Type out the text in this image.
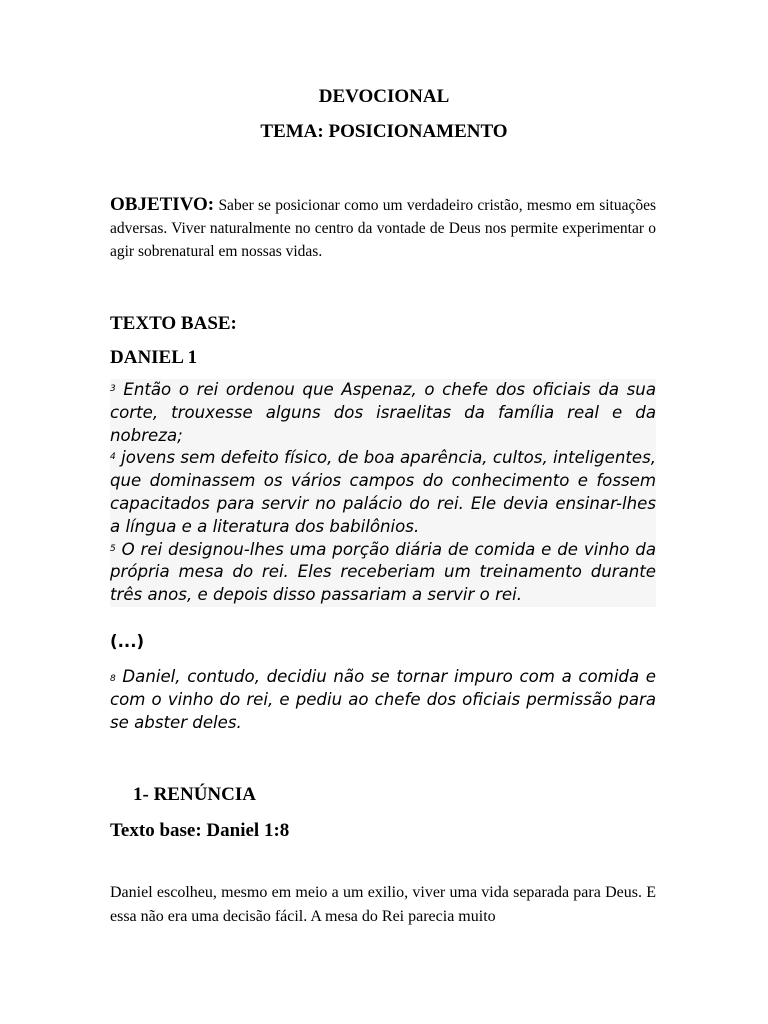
DEVOCIONAL
TEMA: POSICIONAMENTO
OBJETIVO: Saber se posicionar como um verdadeiro cristão, mesmo em situações adversas. Viver naturalmente no centro da vontade de Deus nos permite experimentar o agir sobrenatural em nossas vidas.
TEXTO BASE:
DANIEL 1
$^3$ Então o rei ordenou que Aspenaz, o chefe dos oficiais da sua corte, trouxesse alguns dos israelitas da família real e da nobreza;
$^4$ jovens sem defeito físico, de boa aparência, cultos, inteligentes, que dominassem os vários campos do conhecimento e fossem capacitados para servir no palácio do rei. Ele devia ensinar-lhes a língua e a literatura dos babilônios.
$^5$ O rei designou-lhes uma porção diária de comida e de vinho da própria mesa do rei. Eles receberiam um treinamento durante três anos, e depois disso passariam a servir o rei.
(...)
$^8$ Daniel, contudo, decidiu não se tornar impuro com a comida e com o vinho do rei, e pediu ao chefe dos oficiais permissão para se abster deles.
1- RENÚNCIA
Texto base: Daniel 1:8
Daniel escolheu, mesmo em meio a um exilio, viver uma vida separada para Deus. E essa não era uma decisão fácil. A mesa do Rei parecia muito
